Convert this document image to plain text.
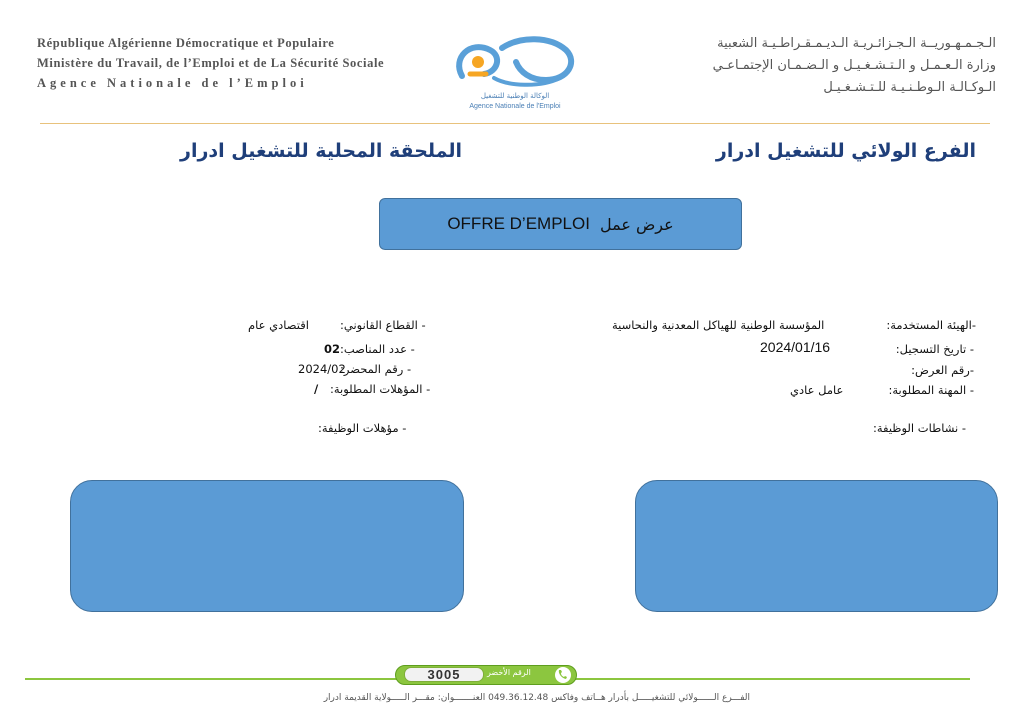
République Algérienne Démocratique et Populaire
Ministère du Travail, de l’Emploi et de La Sécurité Sociale
Agence Nationale de l’Emploi
الـجـمـهـوريــة الـجـزائـريـة الـديـمـقـراطـيـة الشعبية
وزارة الـعـمـل و الـتـشـغـيـل و الـضـمـان الإجتمـاعـي
الـوكـالـة الـوطـنـيـة للـتـشـغـيـل
الوكالة الوطنية للتشغيل
Agence Nationale de l'Emploi
الفرع الولائي للتشغيل ادرار
الملحقة المحلية للتشغيل ادرار
OFFRE D’EMPLOI عرض عمل
-الهيئة المستخدمة:
المؤسسة الوطنية للهياكل المعدنية والنحاسية
- تاريخ التسجيل:
2024/01/16
-رقم العرض:
- المهنة المطلوبة:
عامل عادي
- نشاطات الوظيفة:
- القطاع القانوني:
اقتصادي عام
- عدد المناصب:
02
- رقم المحضر:
2024/02
- المؤهلات المطلوبة:
/
- مؤهلات الوظيفة:
3005	الرقم الأخضر
الفـــرع الــــــولائي للتشغيـــــل بأدرار هــاتف وفاكس 049.36.12.48 العنـــــــوان: مقـــر الـــــولاية القديمة ادرار
